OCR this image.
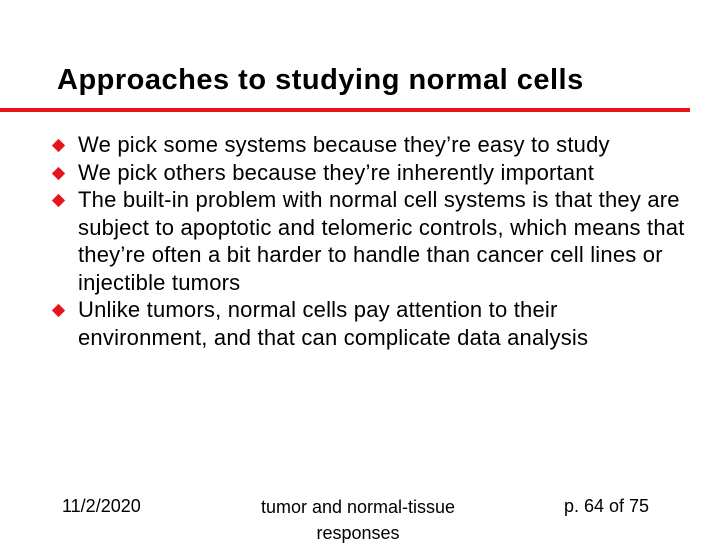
Approaches to studying normal cells
We pick some systems because they’re easy to study
We pick others because they’re inherently important
The built-in problem with normal cell systems is that they are subject to apoptotic and telomeric controls, which means that they’re often a bit harder to handle than cancer cell lines or injectible tumors
Unlike tumors, normal cells pay attention to their environment, and that can complicate data analysis
11/2/2020	tumor and normal-tissue responses
p. 64 of 75
